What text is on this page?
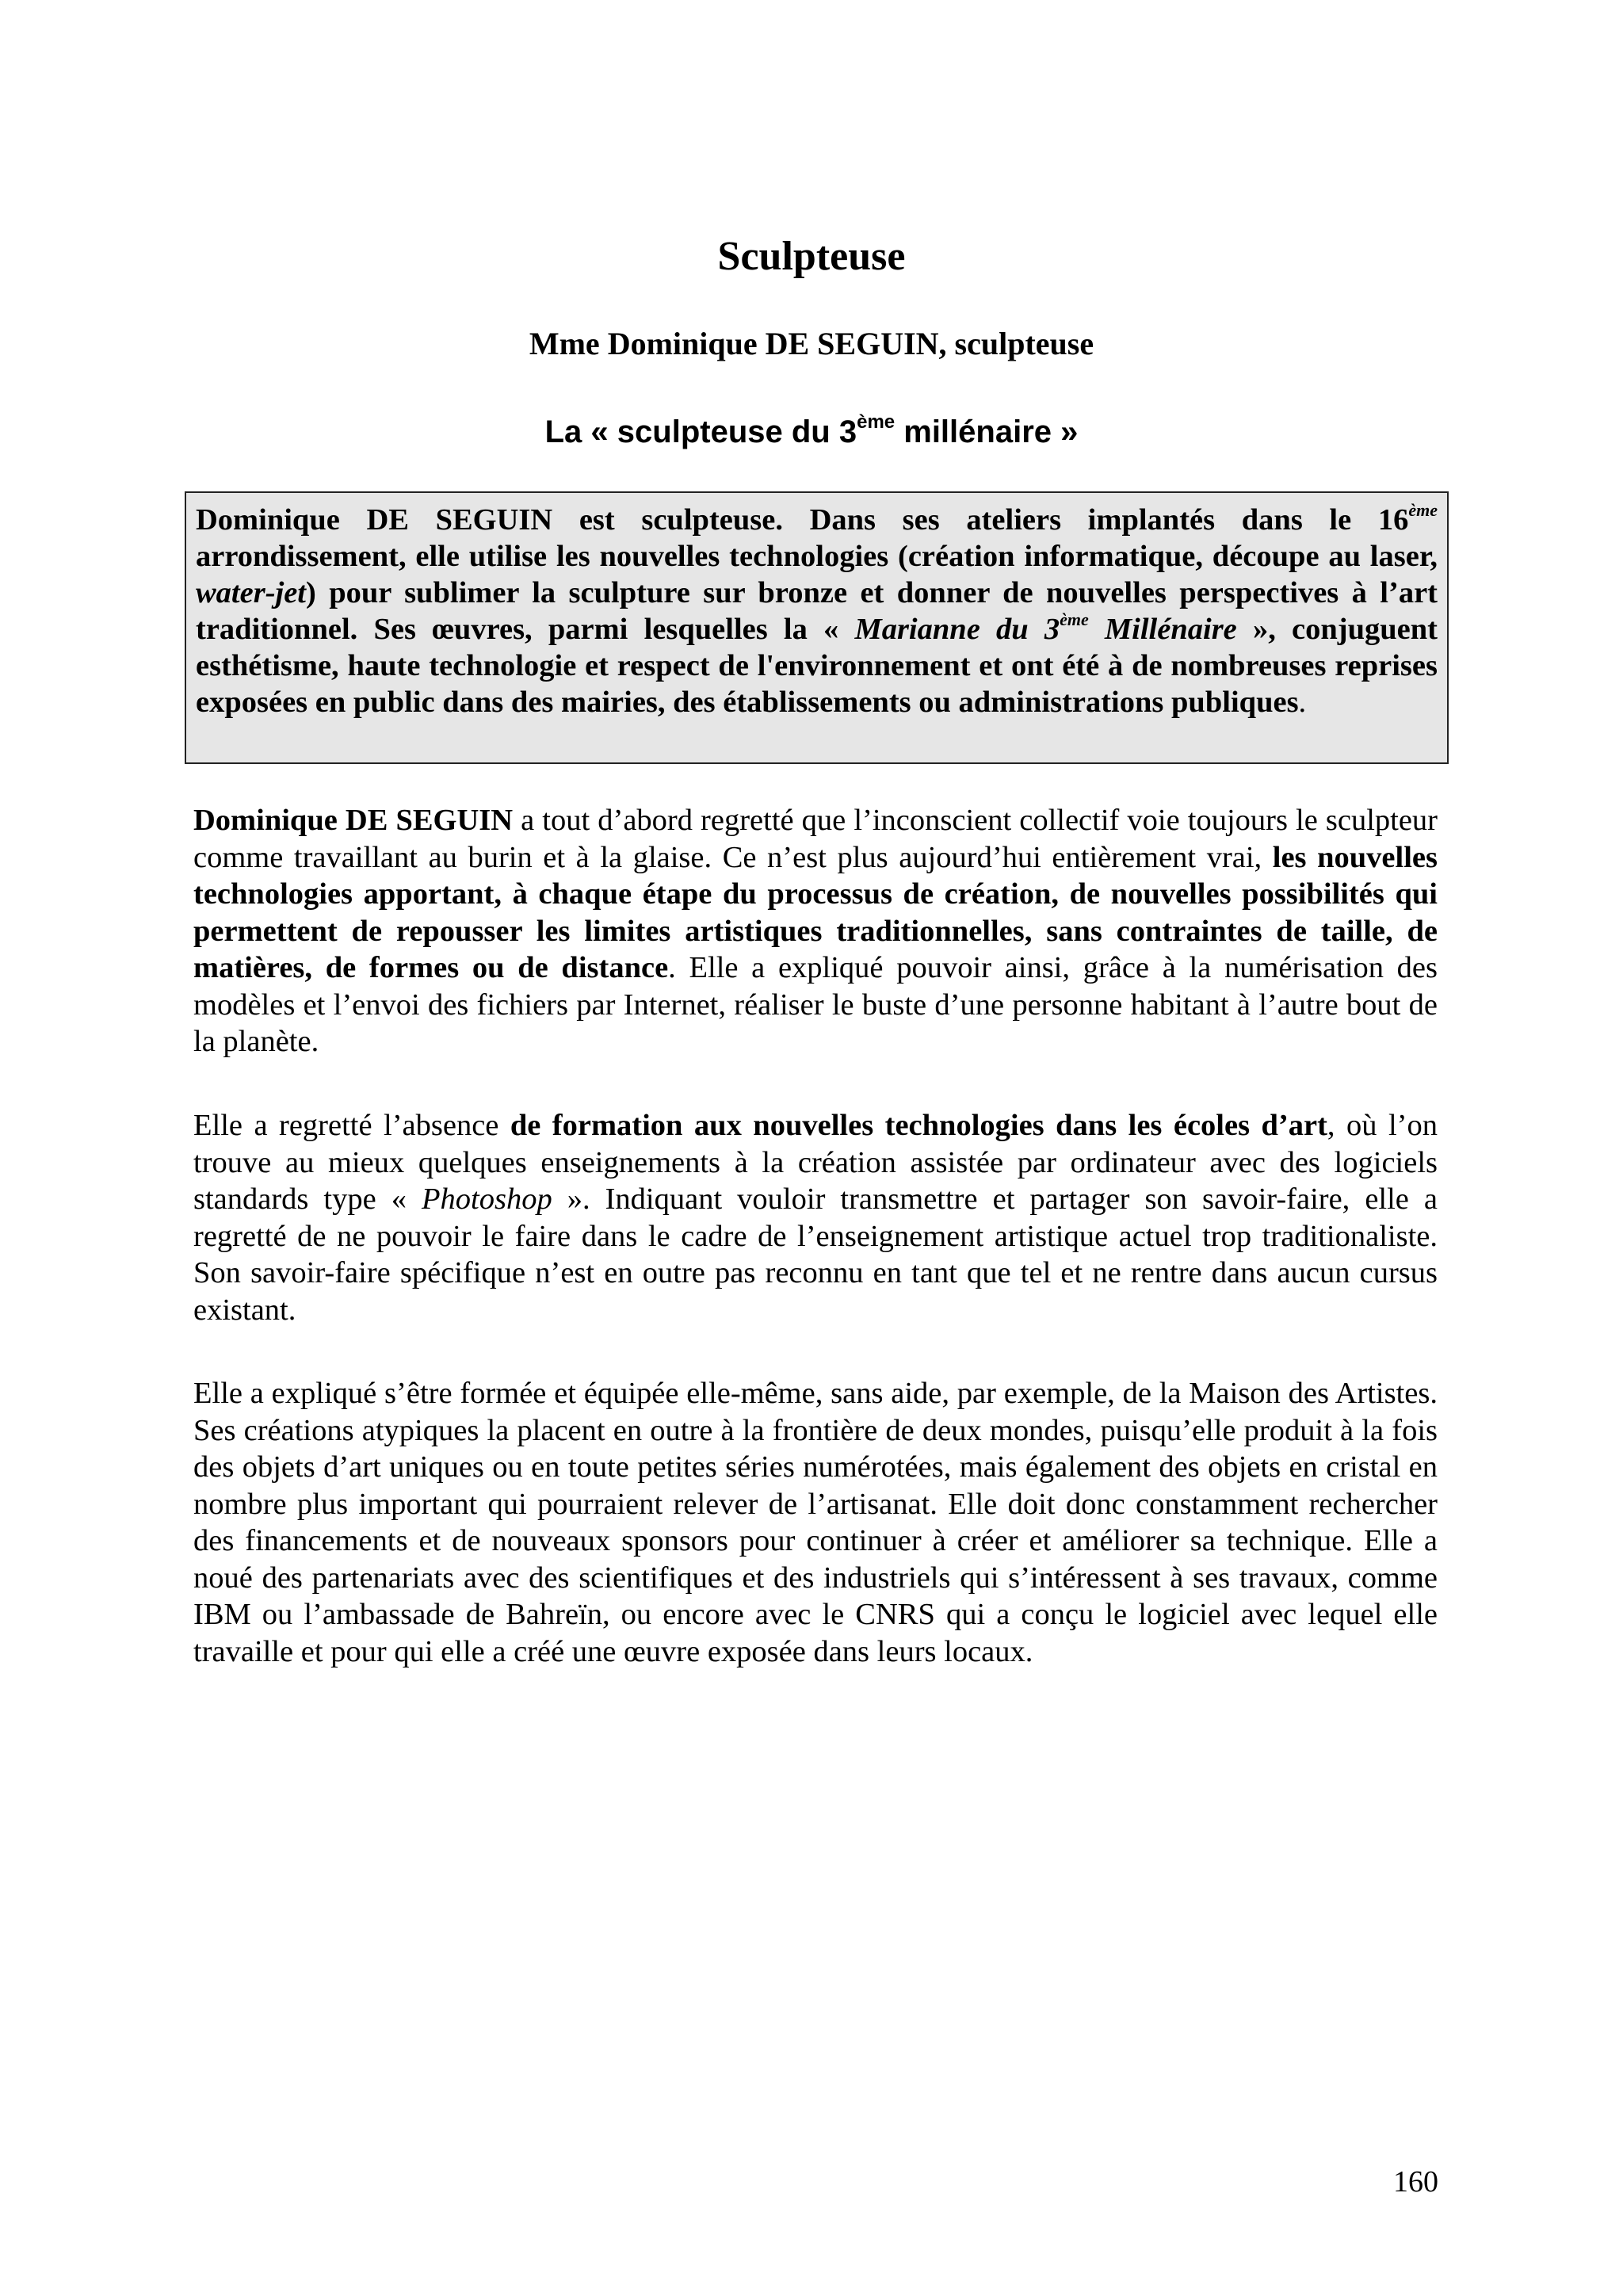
Sculpteuse
Mme Dominique DE SEGUIN, sculpteuse
La « sculpteuse du 3ème millénaire »
Dominique DE SEGUIN est sculpteuse. Dans ses ateliers implantés dans le 16ème arrondissement, elle utilise les nouvelles technologies (création informatique, découpe au laser, water-jet) pour sublimer la sculpture sur bronze et donner de nouvelles perspectives à l’art traditionnel. Ses œuvres, parmi lesquelles la « Marianne du 3ème Millénaire », conjuguent esthétisme, haute technologie et respect de l'environnement et ont été à de nombreuses reprises exposées en public dans des mairies, des établissements ou administrations publiques.
Dominique DE SEGUIN a tout d’abord regretté que l’inconscient collectif voie toujours le sculpteur comme travaillant au burin et à la glaise. Ce n’est plus aujourd’hui entièrement vrai, les nouvelles technologies apportant, à chaque étape du processus de création, de nouvelles possibilités qui permettent de repousser les limites artistiques traditionnelles, sans contraintes de taille, de matières, de formes ou de distance. Elle a expliqué pouvoir ainsi, grâce à la numérisation des modèles et l’envoi des fichiers par Internet, réaliser le buste d’une personne habitant à l’autre bout de la planète.
Elle a regretté l’absence de formation aux nouvelles technologies dans les écoles d’art, où l’on trouve au mieux quelques enseignements à la création assistée par ordinateur avec des logiciels standards type « Photoshop ». Indiquant vouloir transmettre et partager son savoir-faire, elle a regretté de ne pouvoir le faire dans le cadre de l’enseignement artistique actuel trop traditionaliste. Son savoir-faire spécifique n’est en outre pas reconnu en tant que tel et ne rentre dans aucun cursus existant.
Elle a expliqué s’être formée et équipée elle-même, sans aide, par exemple, de la Maison des Artistes. Ses créations atypiques la placent en outre à la frontière de deux mondes, puisqu’elle produit à la fois des objets d’art uniques ou en toute petites séries numérotées, mais également des objets en cristal en nombre plus important qui pourraient relever de l’artisanat. Elle doit donc constamment rechercher des financements et de nouveaux sponsors pour continuer à créer et améliorer sa technique. Elle a noué des partenariats avec des scientifiques et des industriels qui s’intéressent à ses travaux, comme IBM ou l’ambassade de Bahreïn, ou encore avec le CNRS qui a conçu le logiciel avec lequel elle travaille et pour qui elle a créé une œuvre exposée dans leurs locaux.
160
